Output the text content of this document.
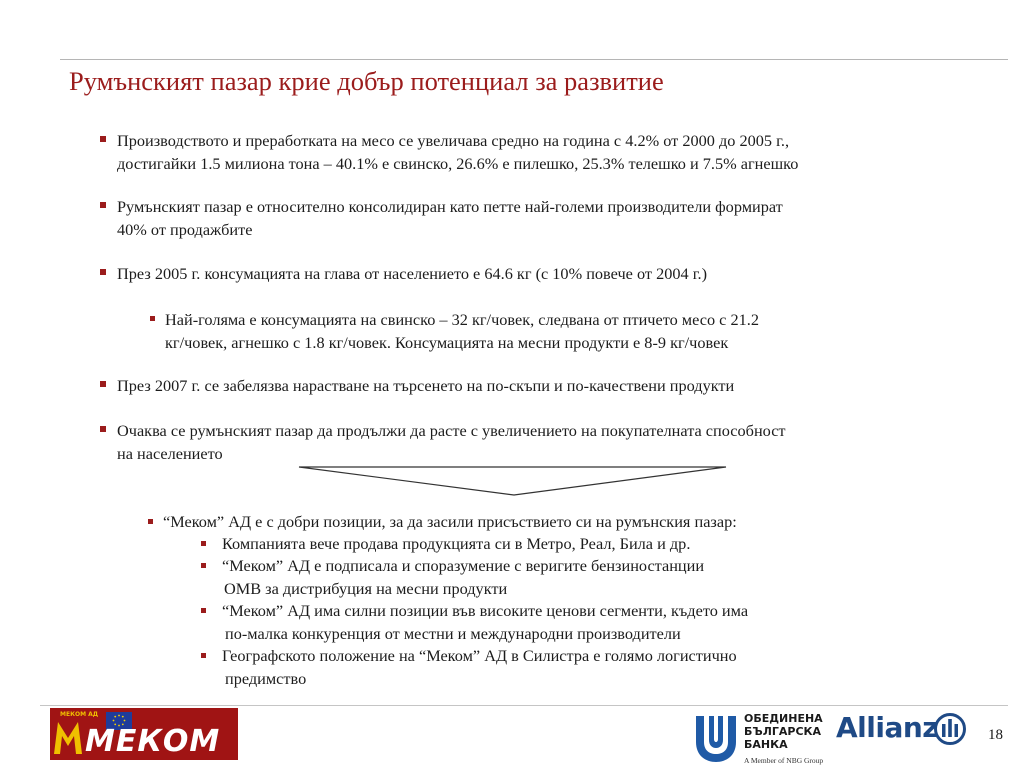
Румънският пазар крие добър потенциал за развитие
Производството и преработката на месо се увеличава средно на година с 4.2% от 2000 до 2005 г.,
достигайки 1.5 милиона тона – 40.1% е свинско, 26.6% е пилешко, 25.3% телешко и 7.5% агнешко
Румънският пазар е относително консолидиран като петте най-големи производители формират
40% от продажбите
През 2005 г. консумацията на глава от населението е 64.6 кг (с 10% повече от 2004 г.)
Най-голяма е консумацията на свинско – 32 кг/човек, следвана от птичето месо с 21.2
кг/човек, агнешко с 1.8 кг/човек. Консумацията на месни продукти е 8-9 кг/човек
През 2007 г. се забелязва нарастване на търсенето на по-скъпи и по-качествени продукти
Очаква се румънският пазар да продължи да расте с увеличението на покупателната способност
на населението
“Меком” АД е с добри позиции, за да засили присъствието си на румънския пазар:
Компанията вече продава продукцията си в Метро, Реал, Била и др.
“Меком” АД е подписала и споразумение с веригите бензиностанции
ОМВ за дистрибуция на месни продукти
“Меком” АД има силни позиции във високите ценови сегменти, където има
по-малка конкуренция от местни и международни производители
Географското положение на “Меком” АД в Силистра е голямо логистично
предимство
МЕКОМ АД
МЕКОМ
ОБЕДИНЕНА
БЪЛГАРСКА
БАНКА
A Member of NBG Group
Allianz	18
